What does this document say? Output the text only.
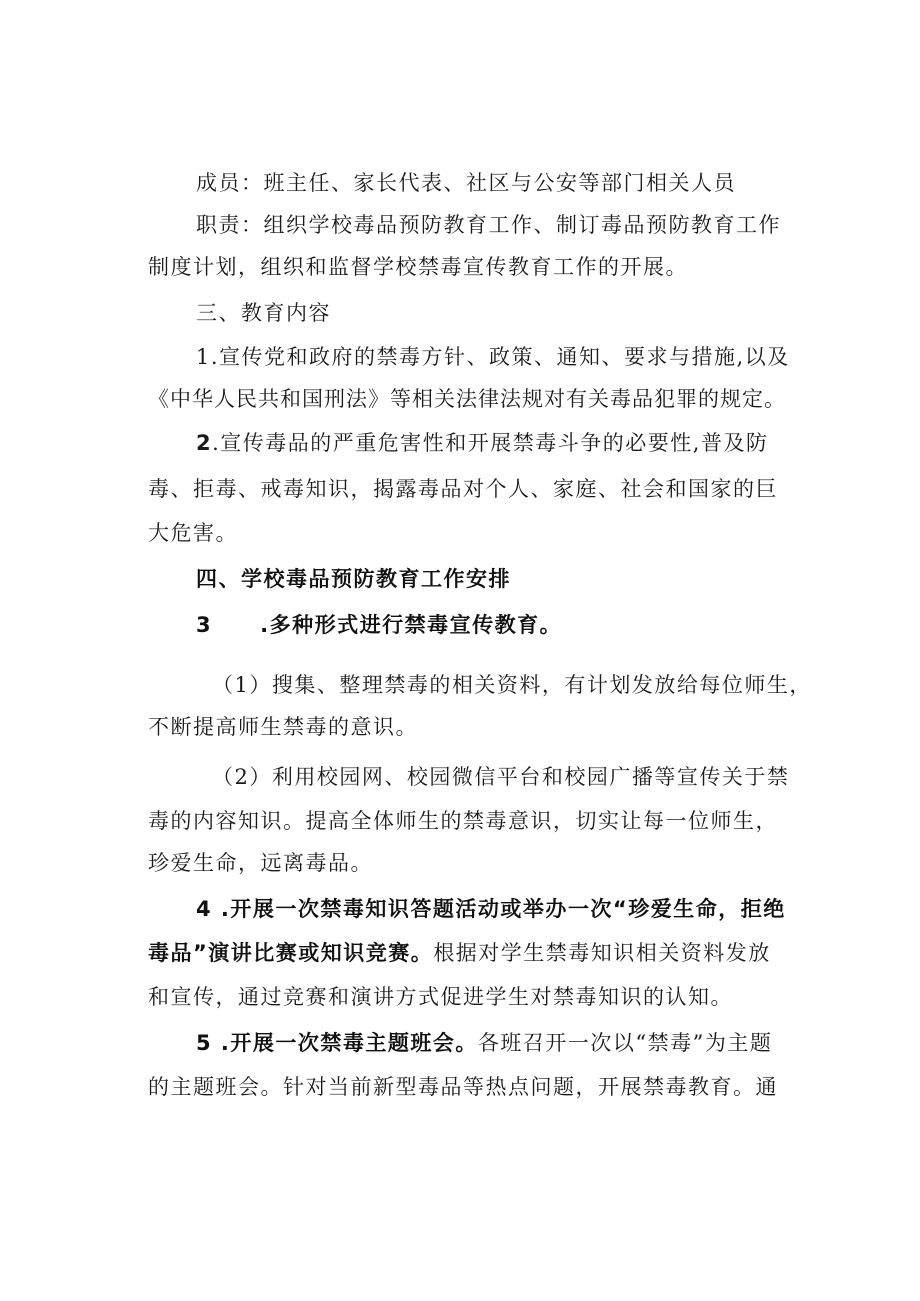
成员：班主任、家长代表、社区与公安等部门相关人员
职责：组织学校毒品预防教育工作、制订毒品预防教育工作
制度计划，组织和监督学校禁毒宣传教育工作的开展。
三、教育内容
1.宣传党和政府的禁毒方针、政策、通知、要求与措施,以及
《中华人民共和国刑法》等相关法律法规对有关毒品犯罪的规定。
2.宣传毒品的严重危害性和开展禁毒斗争的必要性,普及防
毒、拒毒、戒毒知识，揭露毒品对个人、家庭、社会和国家的巨
大危害。
四、学校毒品预防教育工作安排
3 .多种形式进行禁毒宣传教育。
（1）搜集、整理禁毒的相关资料，有计划发放给每位师生，
不断提高师生禁毒的意识。
（2）利用校园网、校园微信平台和校园广播等宣传关于禁
毒的内容知识。提高全体师生的禁毒意识，切实让每一位师生，
珍爱生命，远离毒品。
4 .开展一次禁毒知识答题活动或举办一次“珍爱生命，拒绝
毒品”演讲比赛或知识竞赛。根据对学生禁毒知识相关资料发放
和宣传，通过竞赛和演讲方式促进学生对禁毒知识的认知。
5 .开展一次禁毒主题班会。各班召开一次以“禁毒”为主题
的主题班会。针对当前新型毒品等热点问题，开展禁毒教育。通
